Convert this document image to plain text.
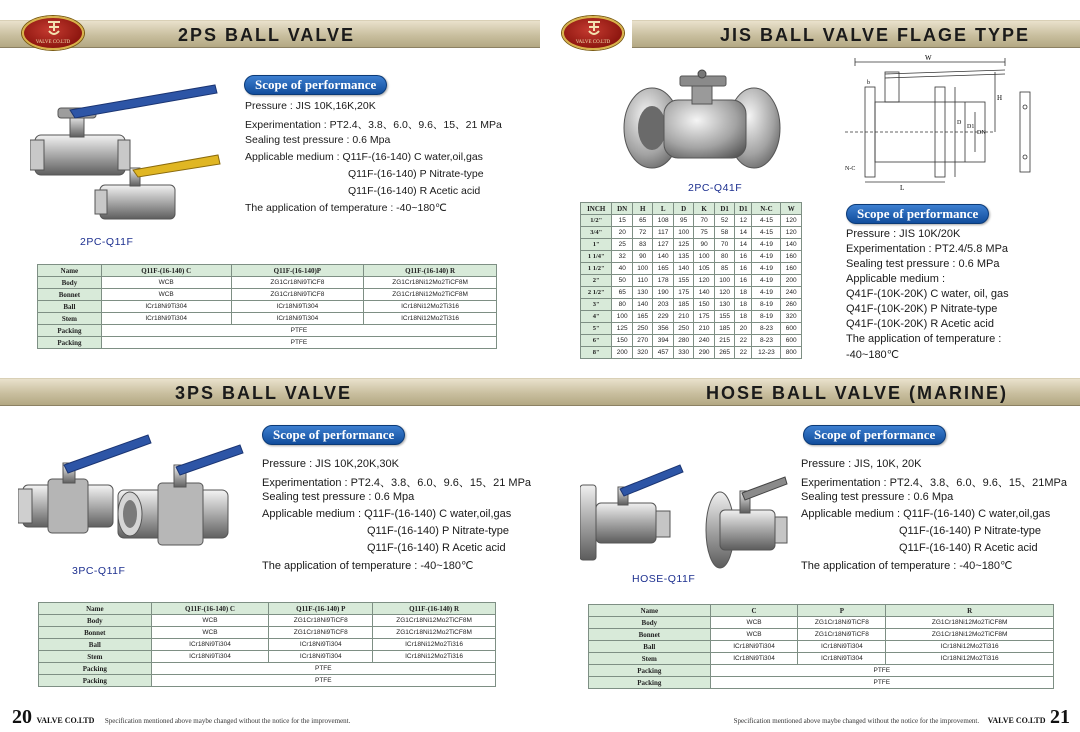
2PS BALL VALVE
VALVE CO.LTD
2PC-Q11F
Scope of performance
Pressure : JIS 10K,16K,20K
Experimentation : PT2.4、3.8、6.0、9.6、15、21 MPa
Sealing test pressure : 0.6 Mpa
Applicable medium : Q11F-(16-140) C water,oil,gas
Q11F-(16-140) P Nitrate-type
Q11F-(16-140) R Acetic acid
The application of temperature : -40~180℃
Name	Q11F-(16-140) C	Q11F-(16-140)P	Q11F-(16-140) R
Body	WCB	ZG1Cr18Ni9TiCF8	ZG1Cr18Ni12Mo2TiCF8M
Bonnet	WCB	ZG1Cr18Ni9TiCF8	ZG1Cr18Ni12Mo2TiCF8M
Ball	ICr18Ni9Ti304	ICr18Ni9Ti304	ICr18Ni12Mo2Ti316
Stem	ICr18Ni9Ti304	ICr18Ni9Ti304	ICr18Ni12Mo2Ti316
Packing	PTFE		
Packing	PTFE		
3PS BALL VALVE
3PC-Q11F
Scope of performance
Pressure : JIS 10K,20K,30K
Experimentation : PT2.4、3.8、6.0、9.6、15、21 MPa
Sealing test pressure : 0.6 Mpa
Applicable medium : Q11F-(16-140) C water,oil,gas
Q11F-(16-140) P Nitrate-type
Q11F-(16-140) R Acetic acid
The application of temperature : -40~180℃
Name	Q11F-(16-140) C	Q11F-(16-140) P	Q11F-(16-140) R
Body	WCB	ZG1Cr18Ni9TiCF8	ZG1Cr18Ni12Mo2TiCF8M
Bonnet	WCB	ZG1Cr18Ni9TiCF8	ZG1Cr18Ni12Mo2TiCF8M
Ball	ICr18Ni9Ti304	ICr18Ni9Ti304	ICr18Ni12Mo2Ti316
Stem	ICr18Ni9Ti304	ICr18Ni9Ti304	ICr18Ni12Mo2Ti316
Packing	PTFE		
Packing	PTFE		
20 VALVE CO.LTD Specification mentioned above maybe changed without the notice for the improvement.
JIS BALL VALVE FLAGE TYPE
VALVE CO.LTD
2PC-Q41F
W
H
L
D
D1
DN
N-C
b
INCH	DN	H	L	D	K	D1	D1	N-C	W
1/2"	15	65	108	95	70	52	12	4-15	120
3/4"	20	72	117	100	75	58	14	4-15	120
1"	25	83	127	125	90	70	14	4-19	140
1 1/4"	32	90	140	135	100	80	16	4-19	160
1 1/2"	40	100	165	140	105	85	16	4-19	160
2"	50	110	178	155	120	100	16	4-19	200
2 1/2"	65	130	190	175	140	120	18	4-19	240
3"	80	140	203	185	150	130	18	8-19	260
4"	100	165	229	210	175	155	18	8-19	320
5"	125	250	356	250	210	185	20	8-23	600
6"	150	270	394	280	240	215	22	8-23	600
8"	200	320	457	330	290	265	22	12-23	800
Scope of performance
Pressure : JIS 10K/20K
Experimentation : PT2.4/5.8 MPa
Sealing test pressure : 0.6 MPa
Applicable medium :
Q41F-(10K-20K) C water, oil, gas
Q41F-(10K-20K) P Nitrate-type
Q41F-(10K-20K) R Acetic acid
The application of temperature :
-40~180℃
HOSE BALL VALVE (MARINE)
HOSE-Q11F
Scope of performance
Pressure : JIS, 10K, 20K
Experimentation : PT2.4、3.8、6.0、9.6、15、21MPa
Sealing test pressure : 0.6 Mpa
Applicable medium : Q11F-(16-140) C water,oil,gas
Q11F-(16-140) P Nitrate-type
Q11F-(16-140) R Acetic acid
The application of temperature : -40~180℃
Name	C	P	R
Body	WCB	ZG1Cr18Ni9TiCF8	ZG1Cr18Ni12Mo2TiCF8M
Bonnet	WCB	ZG1Cr18Ni9TiCF8	ZG1Cr18Ni12Mo2TiCF8M
Ball	ICr18Ni9Ti304	ICr18Ni9Ti304	ICr18Ni12Mo2Ti316
Stem	ICr18Ni9Ti304	ICr18Ni9Ti304	ICr18Ni12Mo2Ti316
Packing	PTFE		
Packing	PTFE		
Specification mentioned above maybe changed without the notice for the improvement. VALVE CO.LTD 21
